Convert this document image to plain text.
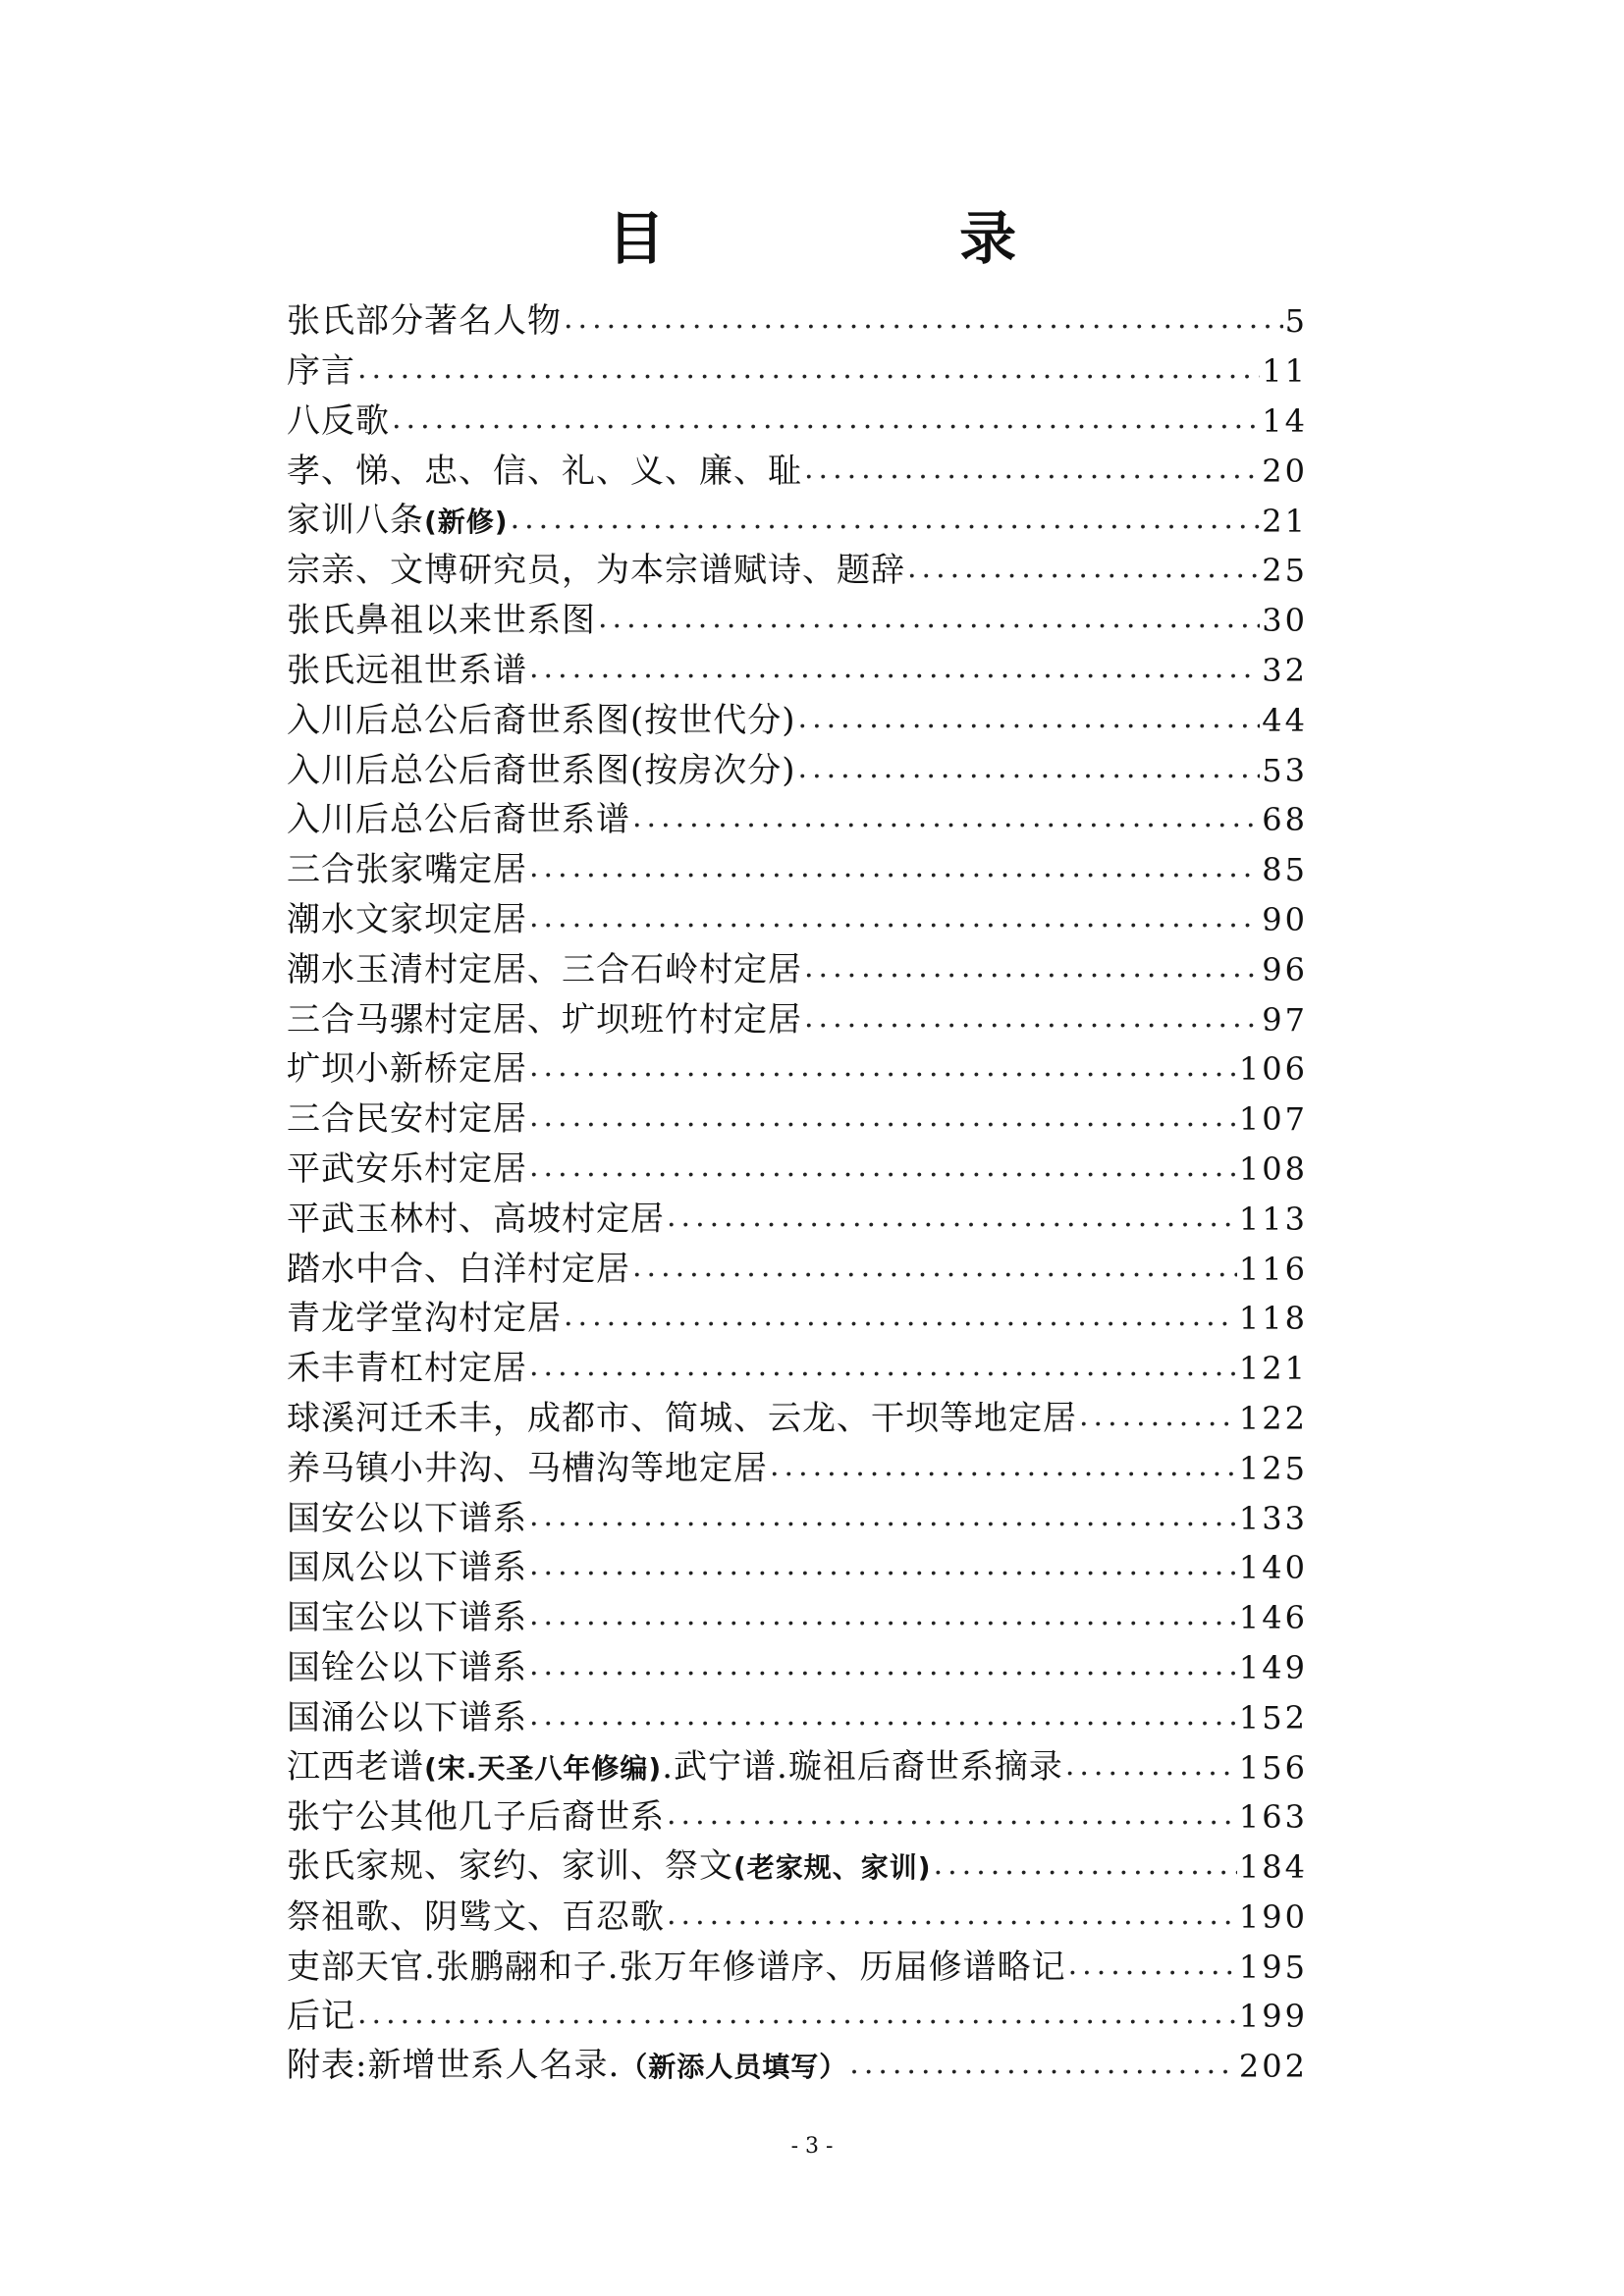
目 录
张氏部分著名人物 .....	5
序言 .....	11
八反歌 .....	14
孝、悌、忠、信、礼、义、廉、耻 .....	20
家训八条(新修) .....	21
宗亲、文博研究员，为本宗谱赋诗、题辞 .....	25
张氏鼻祖以来世系图 .....	30
张氏远祖世系谱 .....	32
入川后总公后裔世系图(按世代分) .....	44
入川后总公后裔世系图(按房次分) .....	53
入川后总公后裔世系谱 .....	68
三合张家嘴定居 .....	85
潮水文家坝定居 .....	90
潮水玉清村定居、三合石岭村定居 .....	96
三合马骡村定居、圹坝班竹村定居 .....	97
圹坝小新桥定居 .....	106
三合民安村定居 .....	107
平武安乐村定居 .....	108
平武玉林村、高坡村定居 .....	113
踏水中合、白洋村定居 .....	116
青龙学堂沟村定居 .....	118
禾丰青杠村定居 .....	121
球溪河迁禾丰，成都市、简城、云龙、干坝等地定居 .....	122
养马镇小井沟、马槽沟等地定居 .....	125
国安公以下谱系 .....	133
国凤公以下谱系 .....	140
国宝公以下谱系 .....	146
国铨公以下谱系 .....	149
国涌公以下谱系 .....	152
江西老谱(宋.天圣八年修编).武宁谱.璇祖后裔世系摘录 .....	156
张宁公其他几子后裔世系 .....	163
张氏家规、家约、家训、祭文(老家规、家训) .....	184
祭祖歌、阴骘文、百忍歌 .....	190
吏部天官.张鹏翮和子.张万年修谱序、历届修谱略记 .....	195
后记 .....	199
附表:新增世系人名录.（新添人员填写） .....	202
- 3 -
